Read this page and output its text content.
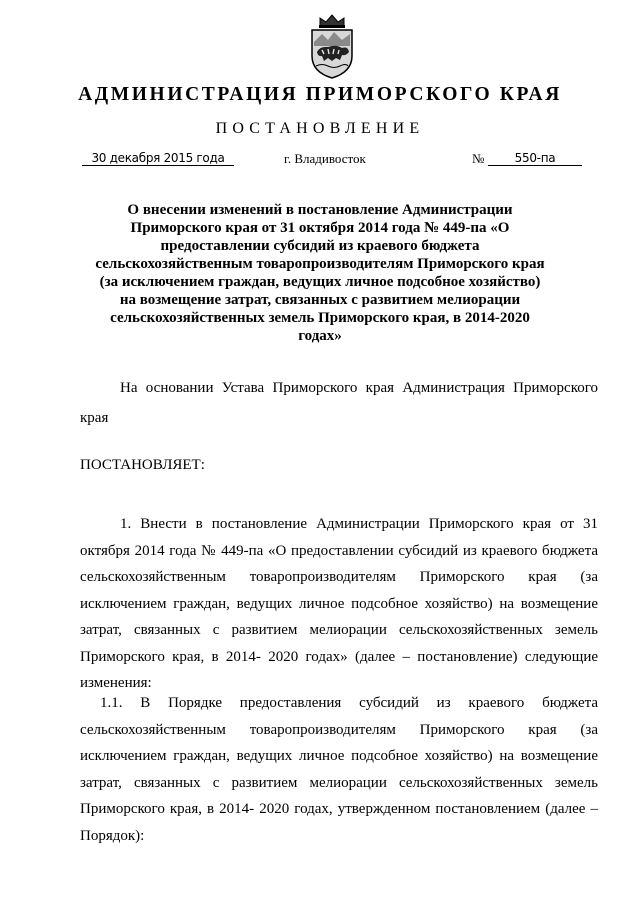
АДМИНИСТРАЦИЯ ПРИМОРСКОГО КРАЯ
ПОСТАНОВЛЕНИЕ
30 декабря 2015 года	г. Владивосток	№	550-па
О внесении изменений в постановление Администрации Приморского края от 31 октября 2014 года № 449-па «О предоставлении субсидий из краевого бюджета сельскохозяйственным товаропроизводителям Приморского края (за исключением граждан, ведущих личное подсобное хозяйство) на возмещение затрат, связанных с развитием мелиорации сельскохозяйственных земель Приморского края, в 2014-2020 годах»
На основании Устава Приморского края Администрация Приморского края
ПОСТАНОВЛЯЕТ:
1. Внести в постановление Администрации Приморского края от 31 октября 2014 года № 449-па «О предоставлении субсидий из краевого бюджета сельскохозяйственным товаропроизводителям Приморского края (за исключением граждан, ведущих личное подсобное хозяйство) на возмещение затрат, связанных с развитием мелиорации сельскохозяйственных земель Приморского края, в 2014- 2020 годах» (далее – постановление) следующие изменения:
1.1. В Порядке предоставления субсидий из краевого бюджета сельскохозяйственным товаропроизводителям Приморского края (за исключением граждан, ведущих личное подсобное хозяйство) на возмещение затрат, связанных с развитием мелиорации сельскохозяйственных земель Приморского края, в 2014- 2020 годах, утвержденном постановлением (далее – Порядок):
